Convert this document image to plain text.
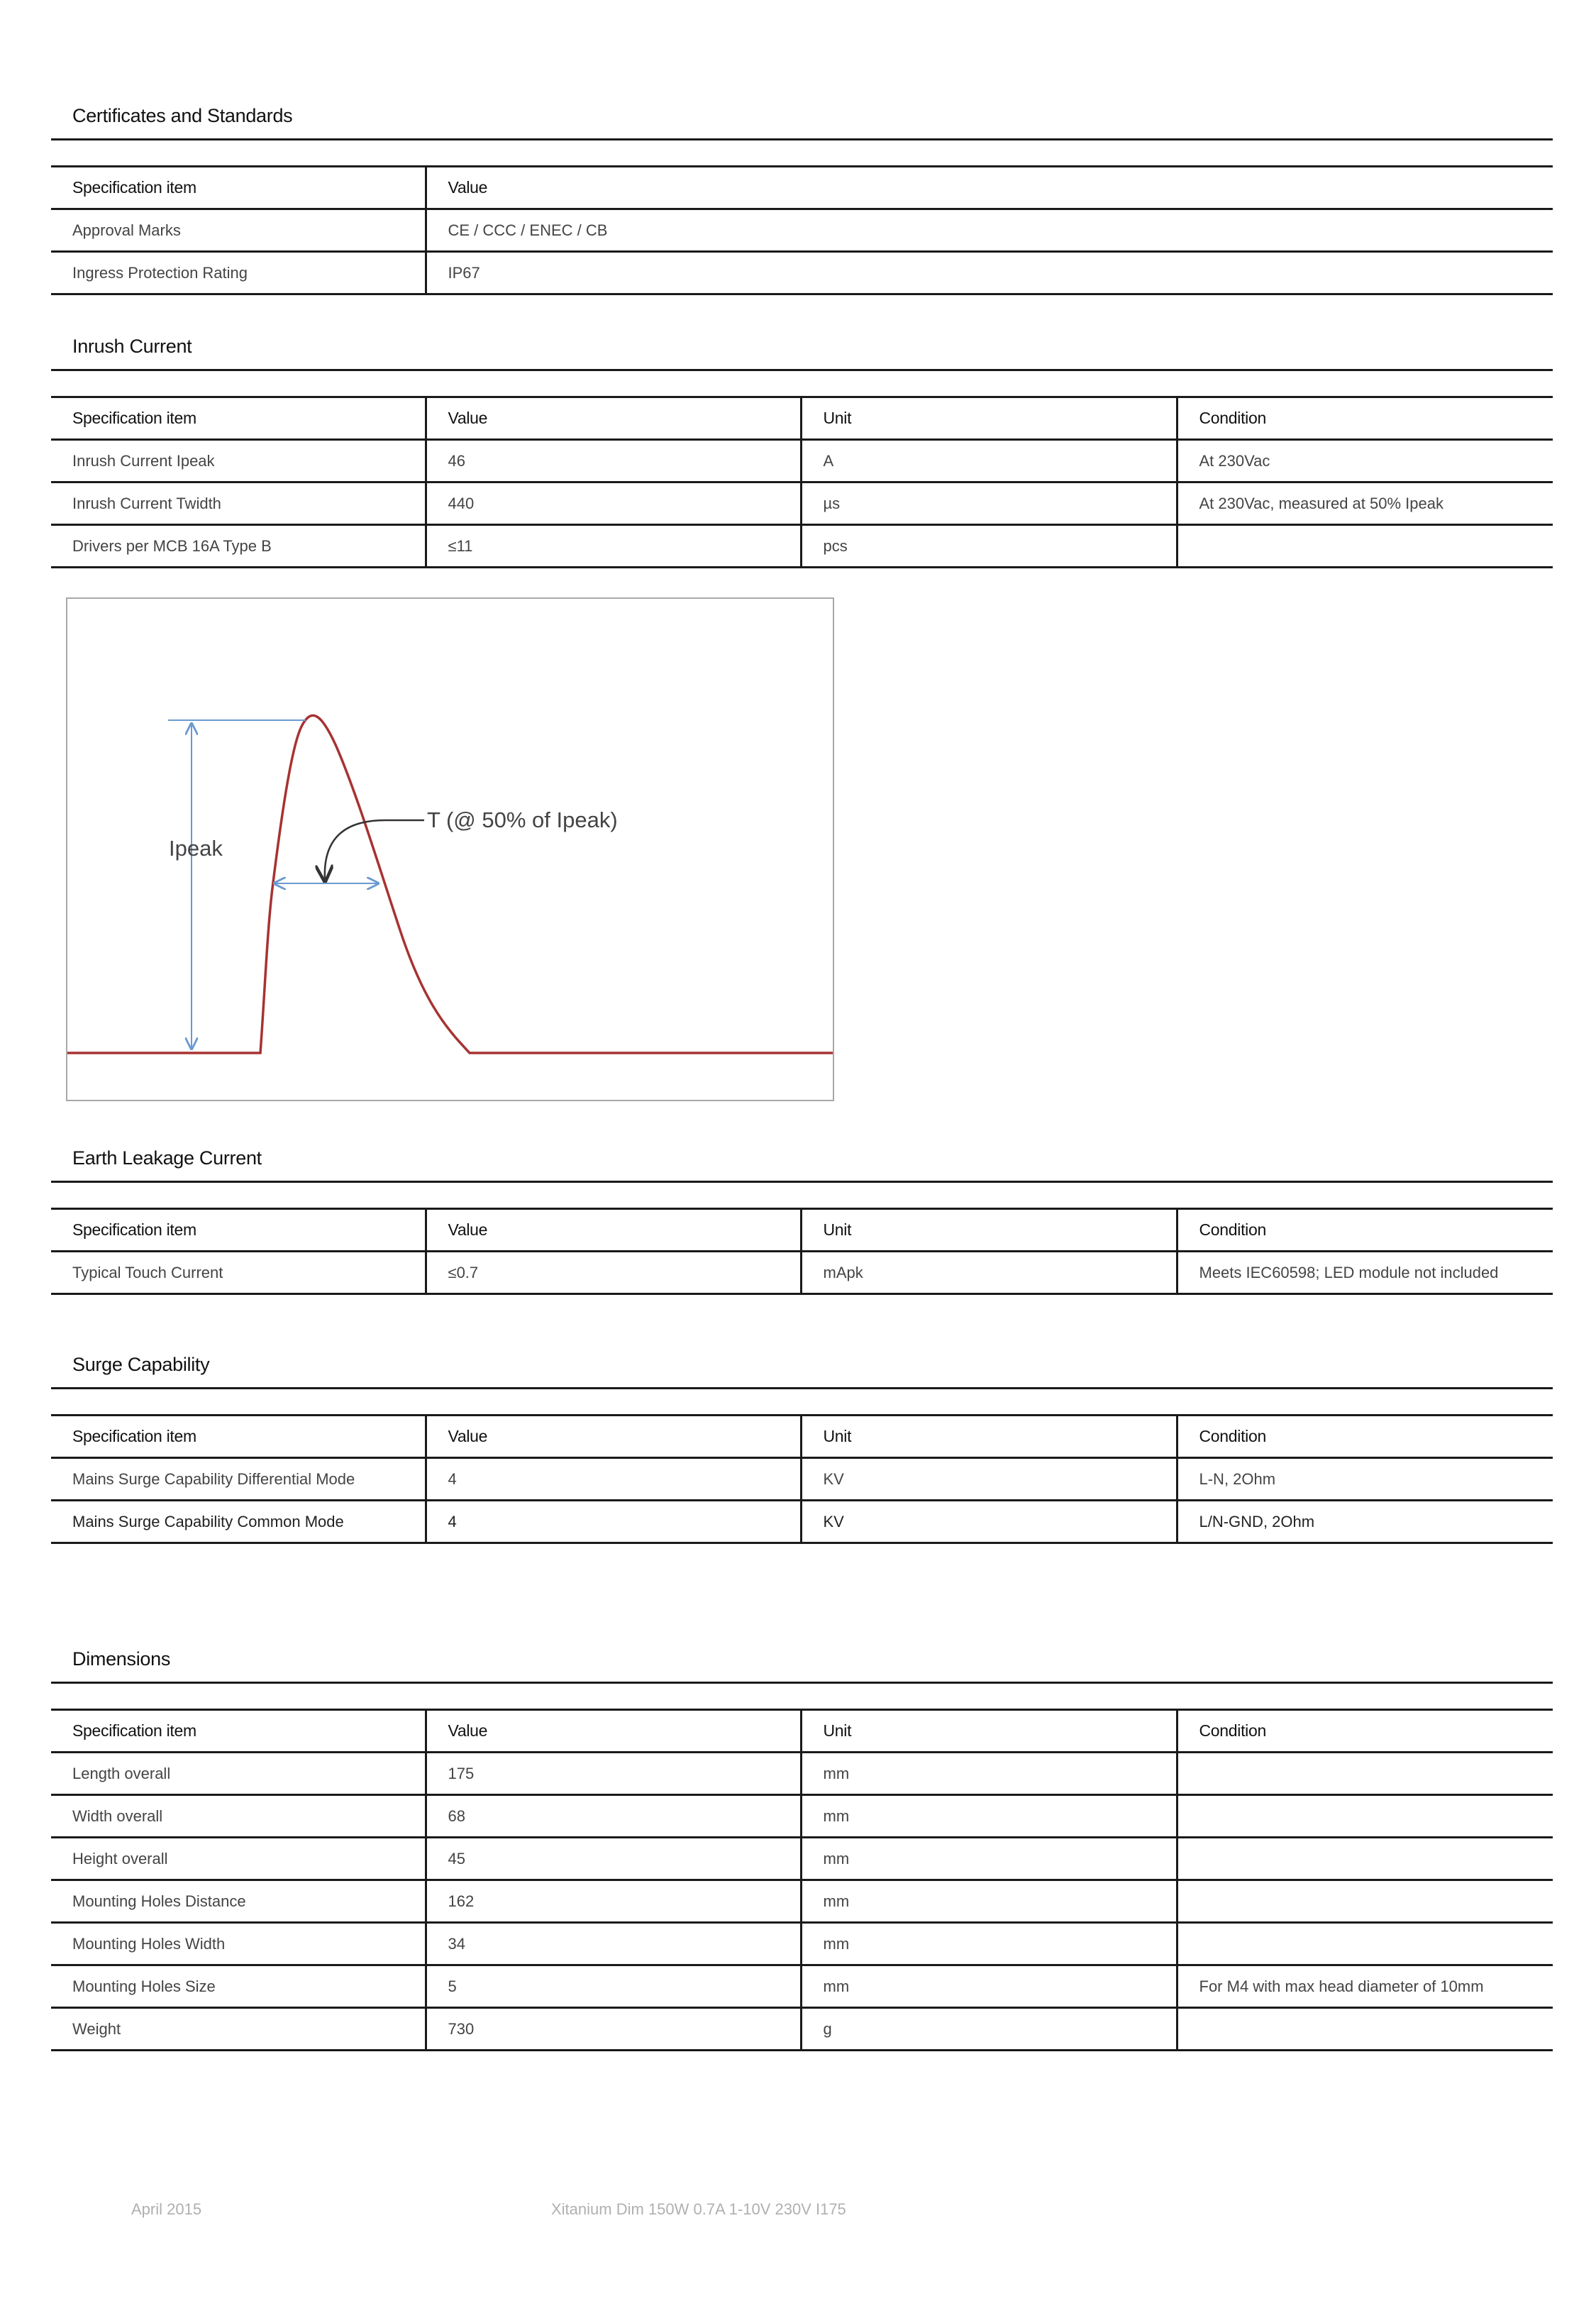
Certificates and Standards
Specification item	Value
Approval Marks	CE / CCC / ENEC / CB
Ingress Protection Rating	IP67
Inrush Current
Specification item	Value	Unit	Condition
Inrush Current Ipeak	46	A	At 230Vac
Inrush Current Twidth	440	µs	At 230Vac, measured at 50% Ipeak
Drivers per MCB 16A Type B	≤11	pcs	
Ipeak
T (@ 50% of Ipeak)
Earth Leakage Current
Specification item	Value	Unit	Condition
Typical Touch Current	≤0.7	mApk	Meets IEC60598; LED module not included
Surge Capability
Specification item	Value	Unit	Condition
Mains Surge Capability Differential Mode	4	KV	L-N, 2Ohm
Mains Surge Capability Common Mode	4	KV	L/N-GND, 2Ohm
Dimensions
Specification item	Value	Unit	Condition
Length overall	175	mm	
Width overall	68	mm	
Height overall	45	mm	
Mounting Holes Distance	162	mm	
Mounting Holes Width	34	mm	
Mounting Holes Size	5	mm	For M4 with max head diameter of 10mm
Weight	730	g	
April 2015	Xitanium Dim 150W 0.7A 1-10V 230V I175
